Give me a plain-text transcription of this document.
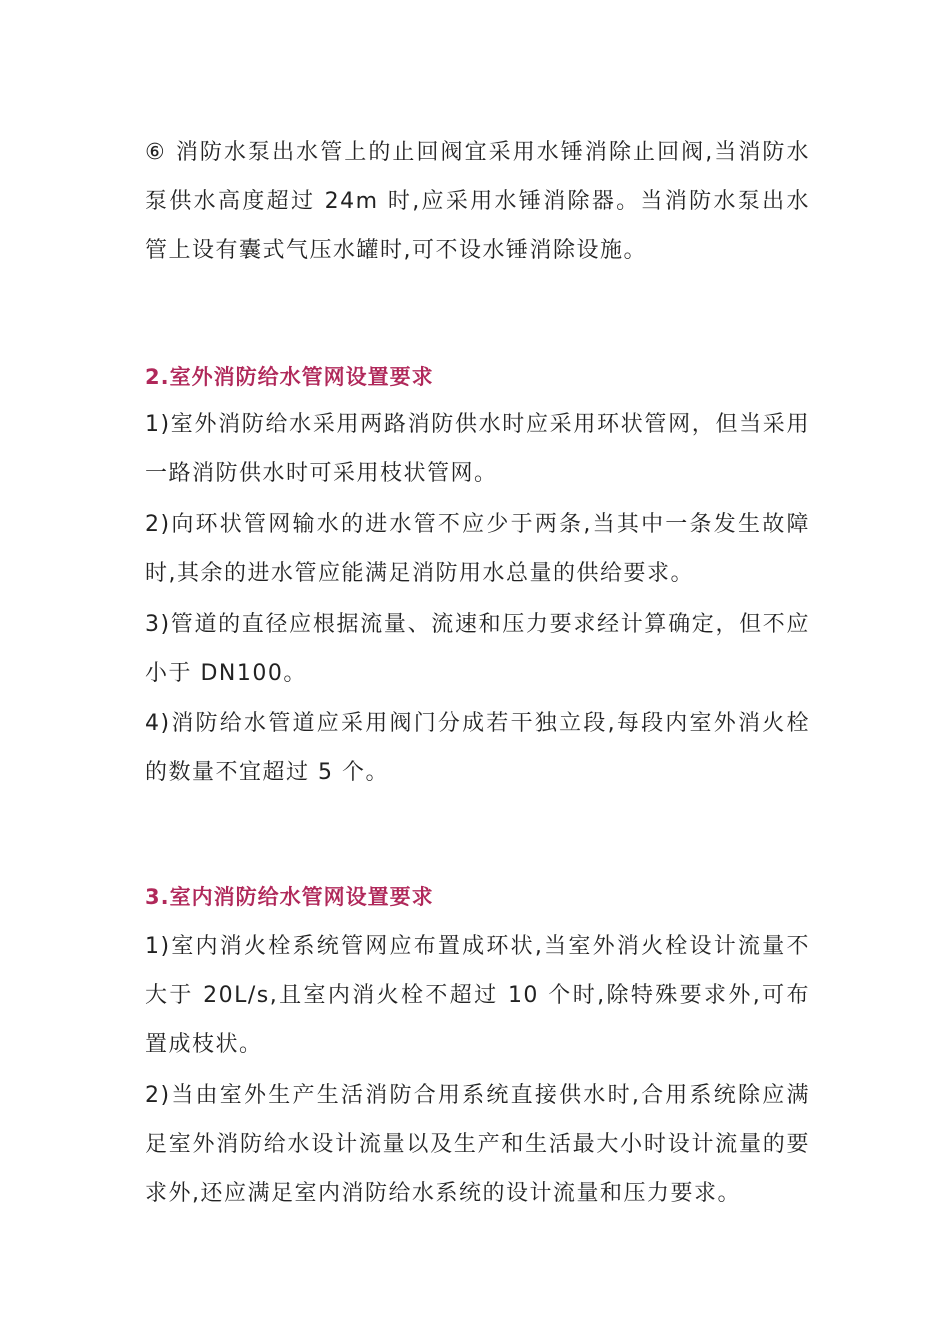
⑥ 消防水泵出水管上的止回阀宜采用水锤消除止回阀,当消防水泵供水高度超过 24m 时,应采用水锤消除器。当消防水泵出水管上设有囊式气压水罐时,可不设水锤消除设施。

2.室外消防给水管网设置要求

1)室外消防给水采用两路消防供水时应采用环状管网，但当采用一路消防供水时可采用枝状管网。

2)向环状管网输水的进水管不应少于两条,当其中一条发生故障时,其余的进水管应能满足消防用水总量的供给要求。

3)管道的直径应根据流量、流速和压力要求经计算确定，但不应小于 DN100。

4)消防给水管道应采用阀门分成若干独立段,每段内室外消火栓的数量不宜超过 5 个。

3.室内消防给水管网设置要求

1)室内消火栓系统管网应布置成环状,当室外消火栓设计流量不大于 20L/s,且室内消火栓不超过 10 个时,除特殊要求外,可布置成枝状。

2)当由室外生产生活消防合用系统直接供水时,合用系统除应满足室外消防给水设计流量以及生产和生活最大小时设计流量的要求外,还应满足室内消防给水系统的设计流量和压力要求。
